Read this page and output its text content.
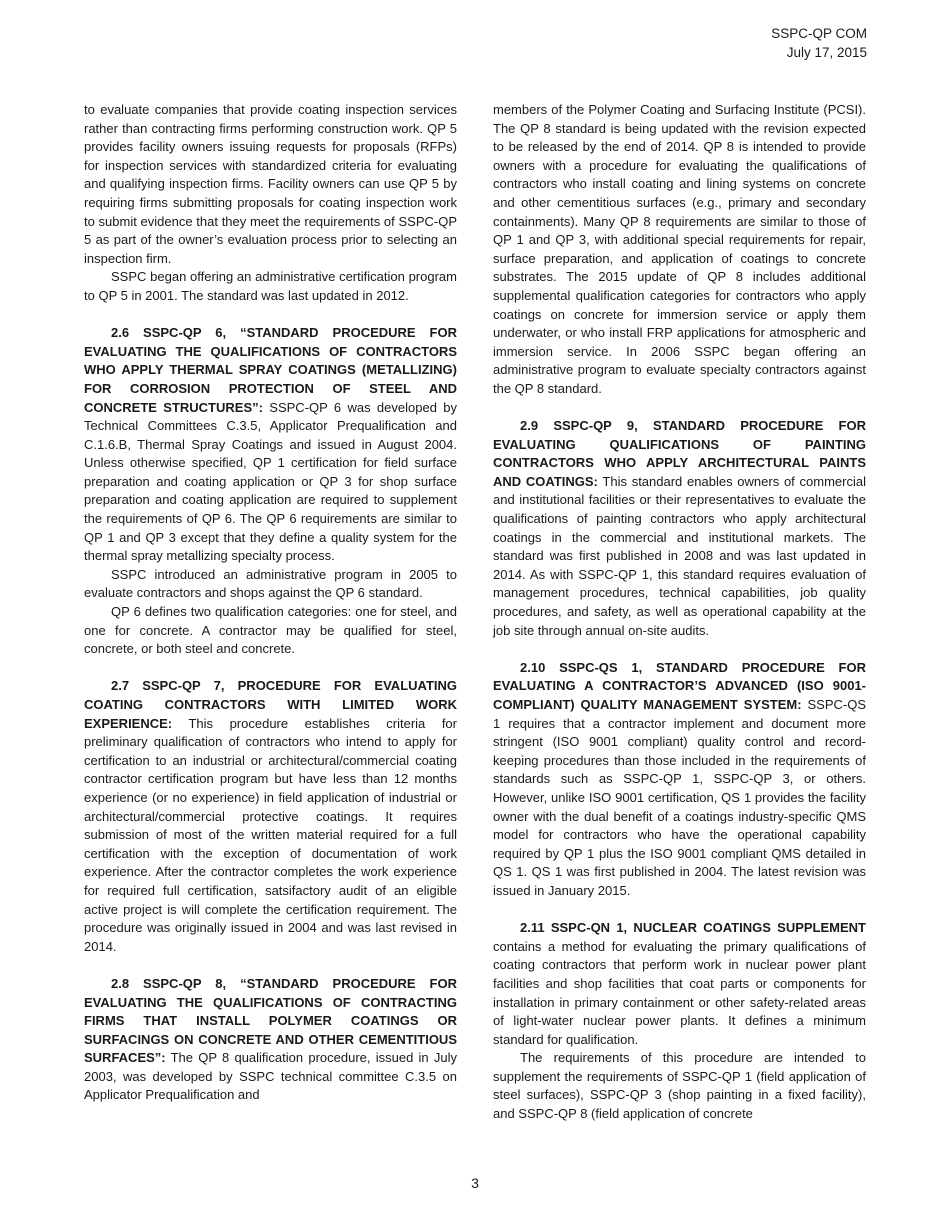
SSPC-QP COM
July 17, 2015

to evaluate companies that provide coating inspection services rather than contracting firms performing construction work. QP 5 provides facility owners issuing requests for proposals (RFPs) for inspection services with standardized criteria for evaluating and qualifying inspection firms. Facility owners can use QP 5 by requiring firms submitting proposals for coating inspection work to submit evidence that they meet the requirements of SSPC-QP 5 as part of the owner’s evaluation process prior to selecting an inspection firm.

SSPC began offering an administrative certification program to QP 5 in 2001. The standard was last updated in 2012.

2.6 SSPC-QP 6, “STANDARD PROCEDURE FOR EVALUATING THE QUALIFICATIONS OF CONTRACTORS WHO APPLY THERMAL SPRAY COATINGS (METALLIZING) FOR CORROSION PROTECTION OF STEEL AND CONCRETE STRUCTURES”: SSPC-QP 6 was developed by Technical Committees C.3.5, Applicator Prequalification and C.1.6.B, Thermal Spray Coatings and issued in August 2004. Unless otherwise specified, QP 1 certification for field surface preparation and coating application or QP 3 for shop surface preparation and coating application are required to supplement the requirements of QP 6. The QP 6 requirements are similar to QP 1 and QP 3 except that they define a quality system for the thermal spray metallizing specialty process.

SSPC introduced an administrative program in 2005 to evaluate contractors and shops against the QP 6 standard.

QP 6 defines two qualification categories: one for steel, and one for concrete. A contractor may be qualified for steel, concrete, or both steel and concrete.

2.7 SSPC-QP 7, PROCEDURE FOR EVALUATING COATING CONTRACTORS WITH LIMITED WORK EXPERIENCE: This procedure establishes criteria for preliminary qualification of contractors who intend to apply for certification to an industrial or architectural/commercial coating contractor certification program but have less than 12 months experience (or no experience) in field application of industrial or architectural/commercial protective coatings. It requires submission of most of the written material required for a full certification with the exception of documentation of work experience. After the contractor completes the work experience for required full certification, satsifactory audit of an eligible active project is will complete the certification requirement. The procedure was originally issued in 2004 and was last revised in 2014.

2.8 SSPC-QP 8, “STANDARD PROCEDURE FOR EVALUATING THE QUALIFICATIONS OF CONTRACTING FIRMS THAT INSTALL POLYMER COATINGS OR SURFACINGS ON CONCRETE AND OTHER CEMENTITIOUS SURFACES”: The QP 8 qualification procedure, issued in July 2003, was developed by SSPC technical committee C.3.5 on Applicator Prequalification and

members of the Polymer Coating and Surfacing Institute (PCSI). The QP 8 standard is being updated with the revision expected to be released by the end of 2014. QP 8 is intended to provide owners with a procedure for evaluating the qualifications of contractors who install coating and lining systems on concrete and other cementitious surfaces (e.g., primary and secondary containments). Many QP 8 requirements are similar to those of QP 1 and QP 3, with additional special requirements for repair, surface preparation, and application of coatings to concrete substrates. The 2015 update of QP 8 includes additional supplemental qualification categories for contractors who apply coatings on concrete for immersion service or apply them underwater, or who install FRP applications for atmospheric and immersion service. In 2006 SSPC began offering an administrative program to evaluate specialty contractors against the QP 8 standard.

2.9 SSPC-QP 9, STANDARD PROCEDURE FOR EVALUATING QUALIFICATIONS OF PAINTING CONTRACTORS WHO APPLY ARCHITECTURAL PAINTS AND COATINGS: This standard enables owners of commercial and institutional facilities or their representatives to evaluate the qualifications of painting contractors who apply architectural coatings in the commercial and institutional markets. The standard was first published in 2008 and was last updated in 2014. As with SSPC-QP 1, this standard requires evaluation of management procedures, technical capabilities, job quality procedures, and safety, as well as operational capability at the job site through annual on-site audits.

2.10 SSPC-QS 1, STANDARD PROCEDURE FOR EVALUATING A CONTRACTOR’S ADVANCED (ISO 9001-COMPLIANT) QUALITY MANAGEMENT SYSTEM: SSPC-QS 1 requires that a contractor implement and document more stringent (ISO 9001 compliant) quality control and record-keeping procedures than those included in the requirements of standards such as SSPC-QP 1, SSPC-QP 3, or others. However, unlike ISO 9001 certification, QS 1 provides the facility owner with the dual benefit of a coatings industry-specific QMS model for contractors who have the operational capability required by QP 1 plus the ISO 9001 compliant QMS detailed in QS 1. QS 1 was first published in 2004. The latest revision was issued in January 2015.

2.11 SSPC-QN 1, NUCLEAR COATINGS SUPPLEMENT contains a method for evaluating the primary qualifications of coating contractors that perform work in nuclear power plant facilities and shop facilities that coat parts or components for installation in primary containment or other safety-related areas of light-water nuclear power plants. It defines a minimum standard for qualification.

The requirements of this procedure are intended to supplement the requirements of SSPC-QP 1 (field application of steel surfaces), SSPC-QP 3 (shop painting in a fixed facility), and SSPC-QP 8 (field application of concrete

3
